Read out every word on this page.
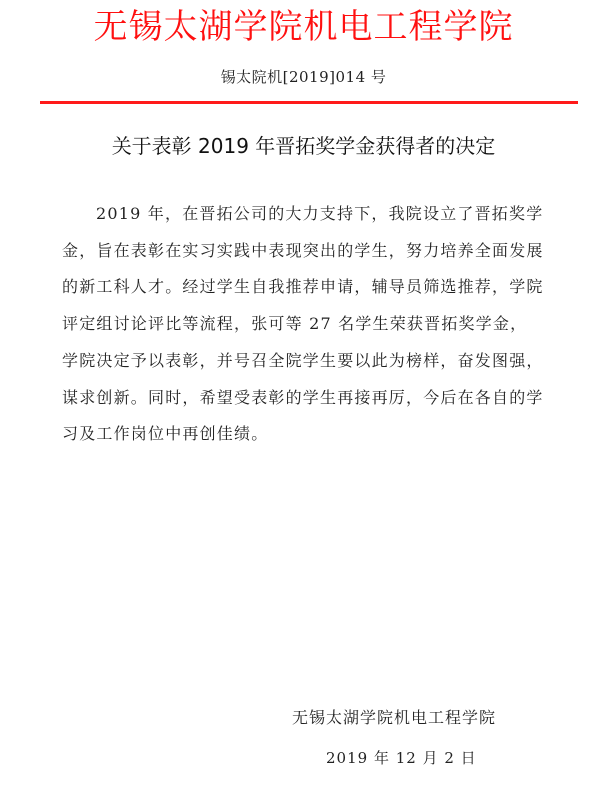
无锡太湖学院机电工程学院
锡太院机[2019]014 号
关于表彰 2019 年晋拓奖学金获得者的决定

2019 年，在晋拓公司的大力支持下，我院设立了晋拓奖学金，旨在表彰在实习实践中表现突出的学生，努力培养全面发展的新工科人才。经过学生自我推荐申请，辅导员筛选推荐，学院评定组讨论评比等流程，张可等 27 名学生荣获晋拓奖学金，学院决定予以表彰，并号召全院学生要以此为榜样，奋发图强，谋求创新。同时，希望受表彰的学生再接再厉，今后在各自的学习及工作岗位中再创佳绩。

无锡太湖学院机电工程学院
2019 年 12 月 2 日
